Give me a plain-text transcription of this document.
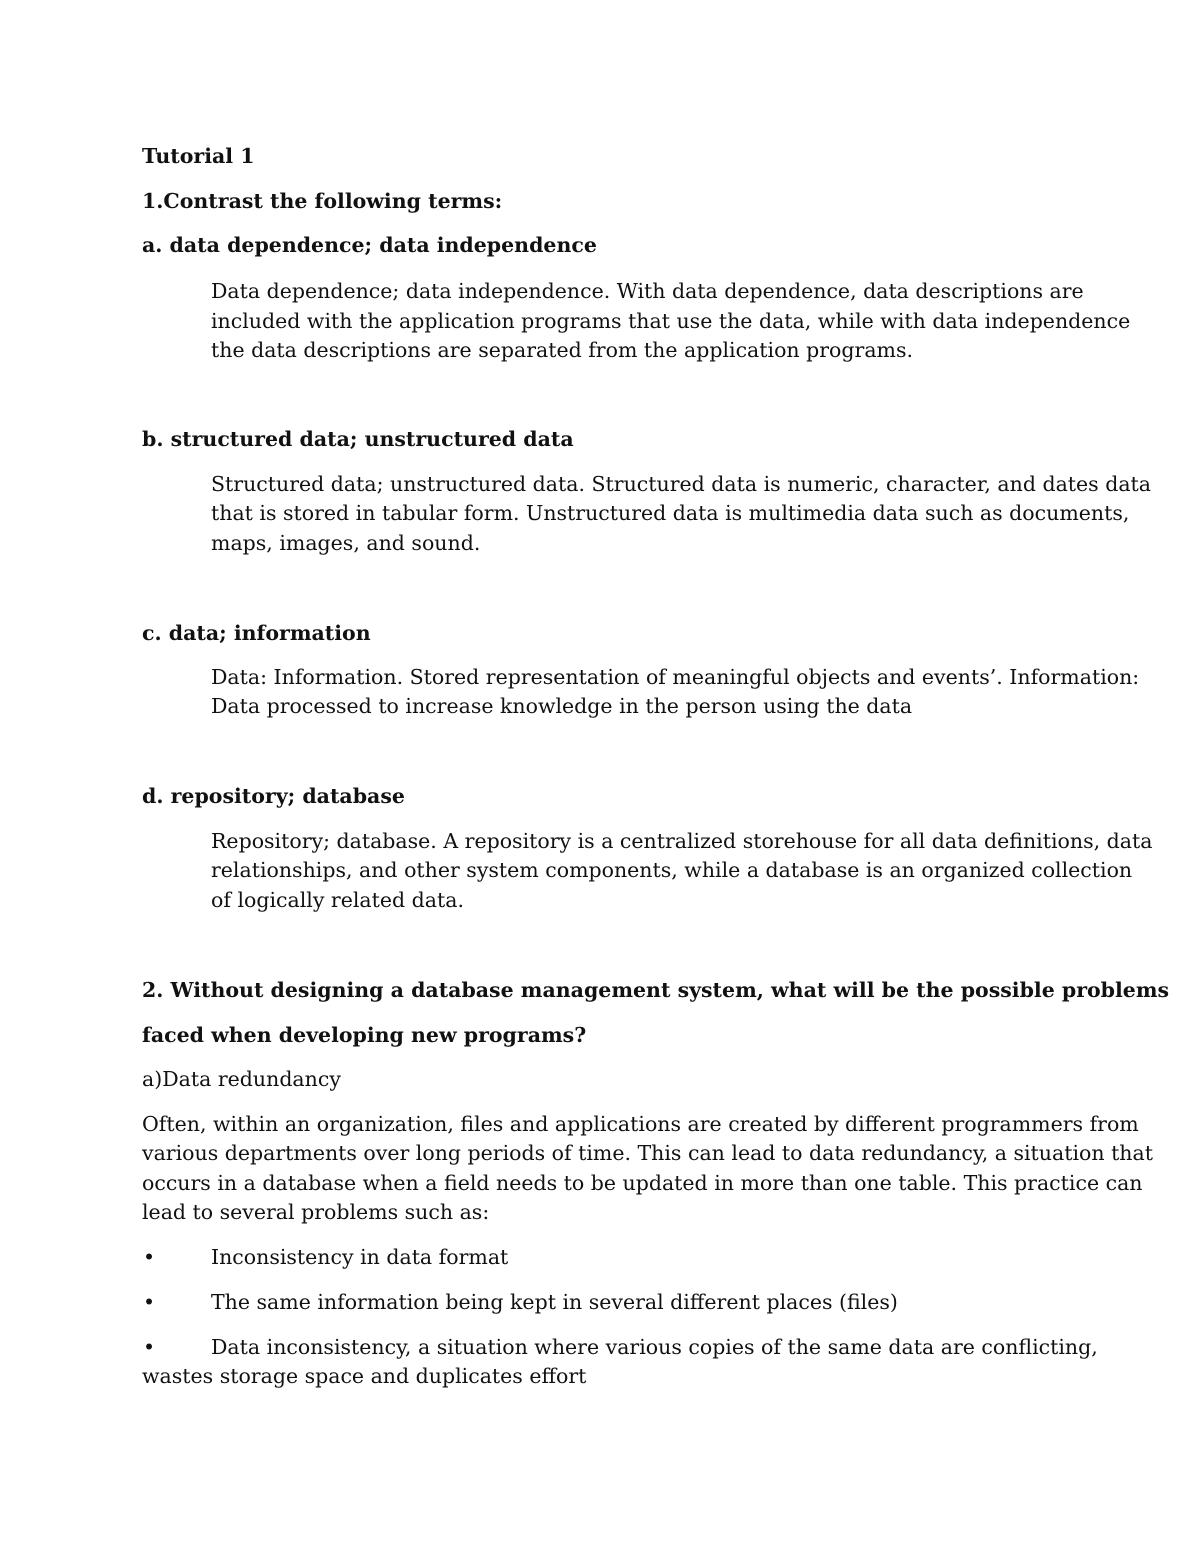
Tutorial 1
1.Contrast the following terms:
a. data dependence; data independence
Data dependence; data independence. With data dependence, data descriptions are
included with the application programs that use the data, while with data independence
the data descriptions are separated from the application programs.
b. structured data; unstructured data
Structured data; unstructured data. Structured data is numeric, character, and dates data
that is stored in tabular form. Unstructured data is multimedia data such as documents,
maps, images, and sound.
c. data; information
Data: Information. Stored representation of meaningful objects and events’. Information:
Data processed to increase knowledge in the person using the data
d. repository; database
Repository; database. A repository is a centralized storehouse for all data definitions, data
relationships, and other system components, while a database is an organized collection
of logically related data.
2. Without designing a database management system, what will be the possible problems
faced when developing new programs?
a)Data redundancy
Often, within an organization, files and applications are created by different programmers from
various departments over long periods of time. This can lead to data redundancy, a situation that
occurs in a database when a field needs to be updated in more than one table. This practice can
lead to several problems such as:
•	Inconsistency in data format
•	The same information being kept in several different places (files)
•	Data inconsistency, a situation where various copies of the same data are conflicting,
wastes storage space and duplicates effort
